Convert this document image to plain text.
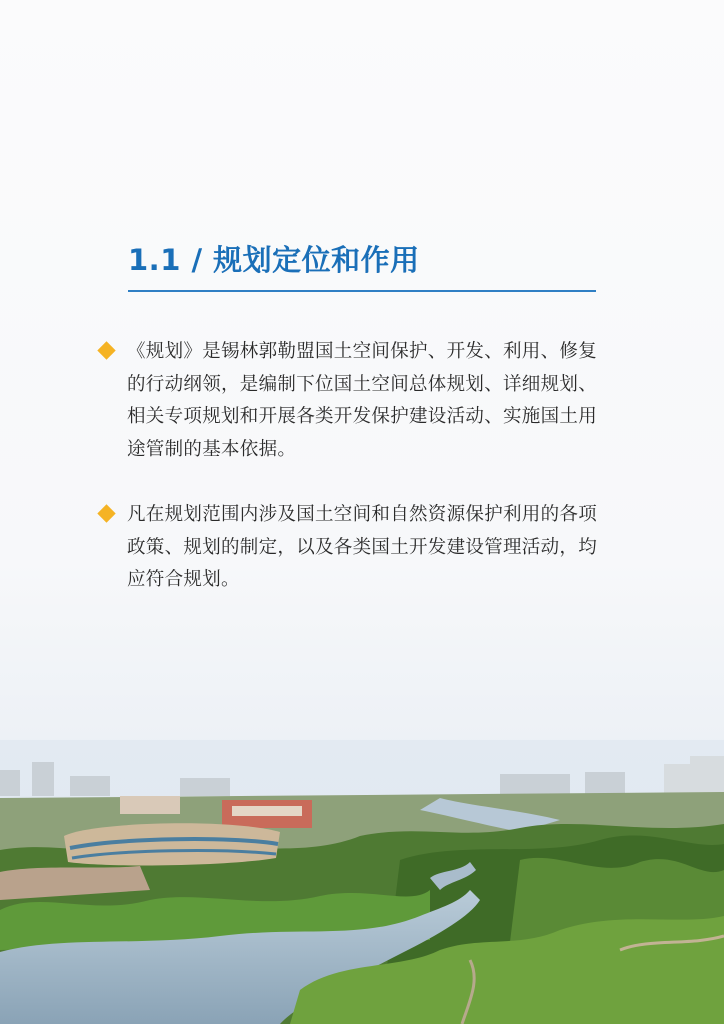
1.1 / 规划定位和作用
《规划》是锡林郭勒盟国土空间保护、开发、利用、修复的行动纲领，是编制下位国土空间总体规划、详细规划、相关专项规划和开展各类开发保护建设活动、实施国土用途管制的基本依据。
凡在规划范围内涉及国土空间和自然资源保护利用的各项政策、规划的制定，以及各类国土开发建设管理活动，均应符合规划。
